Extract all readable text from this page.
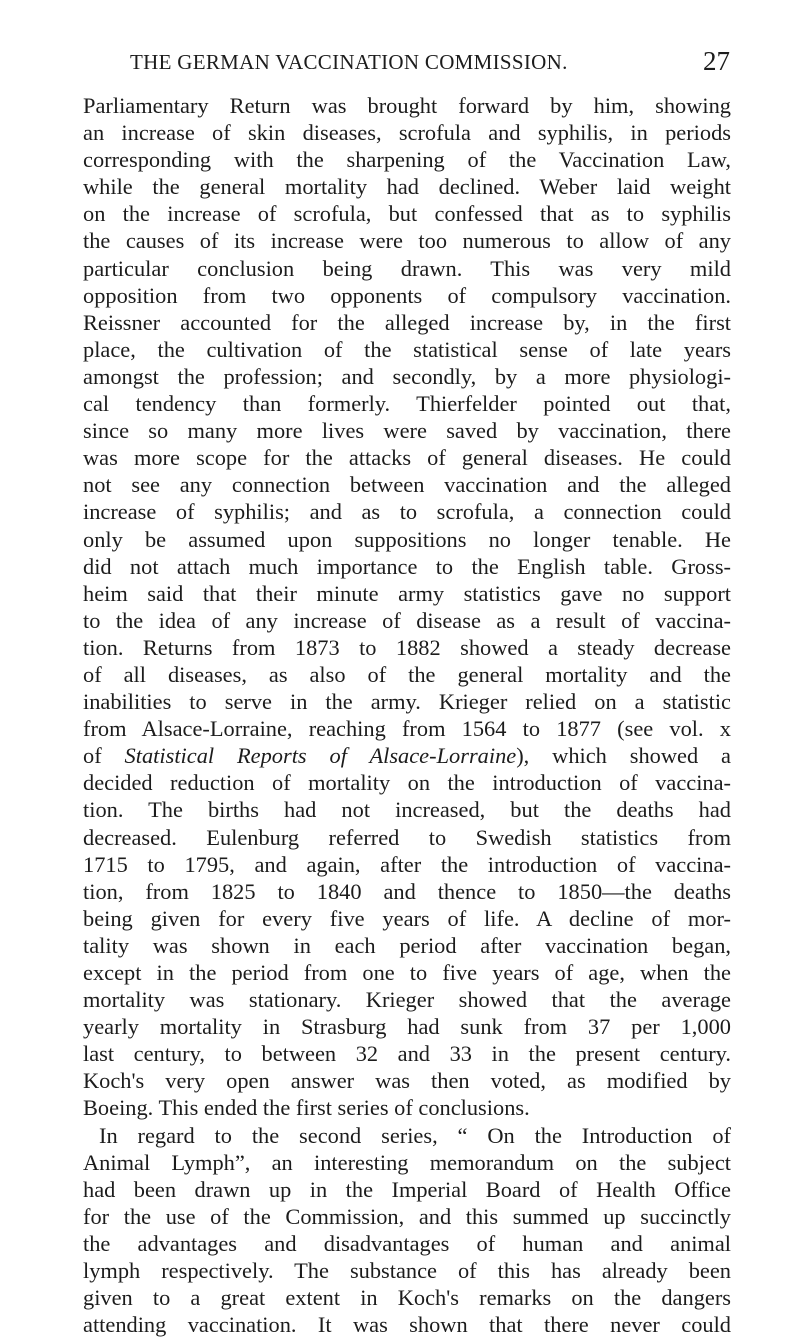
THE GERMAN VACCINATION COMMISSION.	27
Parliamentary Return was brought forward by him, showing
an increase of skin diseases, scrofula and syphilis, in periods
corresponding with the sharpening of the Vaccination Law,
while the general mortality had declined. Weber laid weight
on the increase of scrofula, but confessed that as to syphilis
the causes of its increase were too numerous to allow of any
particular conclusion being drawn. This was very mild
opposition from two opponents of compulsory vaccination.
Reissner accounted for the alleged increase by, in the first
place, the cultivation of the statistical sense of late years
amongst the profession; and secondly, by a more physiologi-
cal tendency than formerly. Thierfelder pointed out that,
since so many more lives were saved by vaccination, there
was more scope for the attacks of general diseases. He could
not see any connection between vaccination and the alleged
increase of syphilis; and as to scrofula, a connection could
only be assumed upon suppositions no longer tenable. He
did not attach much importance to the English table. Gross-
heim said that their minute army statistics gave no support
to the idea of any increase of disease as a result of vaccina-
tion. Returns from 1873 to 1882 showed a steady decrease
of all diseases, as also of the general mortality and the
inabilities to serve in the army. Krieger relied on a statistic
from Alsace-Lorraine, reaching from 1564 to 1877 (see vol. x
of Statistical Reports of Alsace-Lorraine), which showed a
decided reduction of mortality on the introduction of vaccina-
tion. The births had not increased, but the deaths had
decreased. Eulenburg referred to Swedish statistics from
1715 to 1795, and again, after the introduction of vaccina-
tion, from 1825 to 1840 and thence to 1850—the deaths
being given for every five years of life. A decline of mor-
tality was shown in each period after vaccination began,
except in the period from one to five years of age, when the
mortality was stationary. Krieger showed that the average
yearly mortality in Strasburg had sunk from 37 per 1,000
last century, to between 32 and 33 in the present century.
Koch's very open answer was then voted, as modified by
Boeing. This ended the first series of conclusions.
In regard to the second series, “ On the Introduction of
Animal Lymph”, an interesting memorandum on the subject
had been drawn up in the Imperial Board of Health Office
for the use of the Commission, and this summed up succinctly
the advantages and disadvantages of human and animal
lymph respectively. The substance of this has already been
given to a great extent in Koch's remarks on the dangers
attending vaccination. It was shown that there never could
